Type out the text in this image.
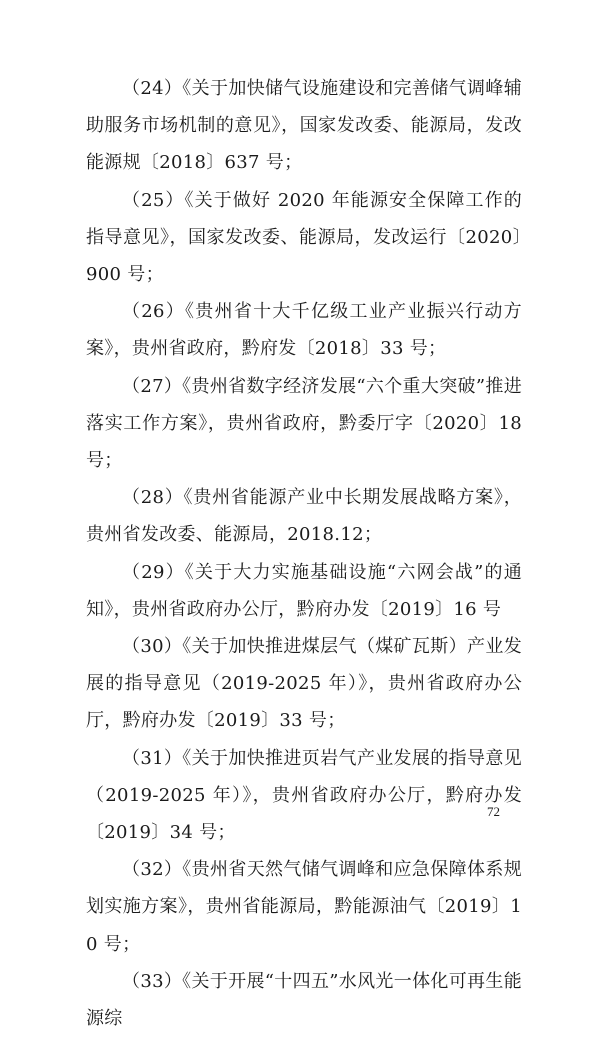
（24）《关于加快储气设施建设和完善储气调峰辅助服务市场机制的意见》，国家发改委、能源局，发改能源规〔2018〕637 号；

（25）《关于做好 2020 年能源安全保障工作的指导意见》，国家发改委、能源局，发改运行〔2020〕900 号；

（26）《贵州省十大千亿级工业产业振兴行动方案》，贵州省政府，黔府发〔2018〕33 号；

（27）《贵州省数字经济发展“六个重大突破”推进落实工作方案》，贵州省政府，黔委厅字〔2020〕18 号；

（28）《贵州省能源产业中长期发展战略方案》，贵州省发改委、能源局，2018.12；

（29）《关于大力实施基础设施“六网会战”的通知》，贵州省政府办公厅，黔府办发〔2019〕16 号

（30）《关于加快推进煤层气（煤矿瓦斯）产业发展的指导意见（2019-2025 年）》，贵州省政府办公厅，黔府办发〔2019〕33 号；

（31）《关于加快推进页岩气产业发展的指导意见（2019-2025 年）》，贵州省政府办公厅，黔府办发〔2019〕34 号；

（32）《贵州省天然气储气调峰和应急保障体系规划实施方案》，贵州省能源局，黔能源油气〔2019〕10 号；

（33）《关于开展“十四五”水风光一体化可再生能源综

72
